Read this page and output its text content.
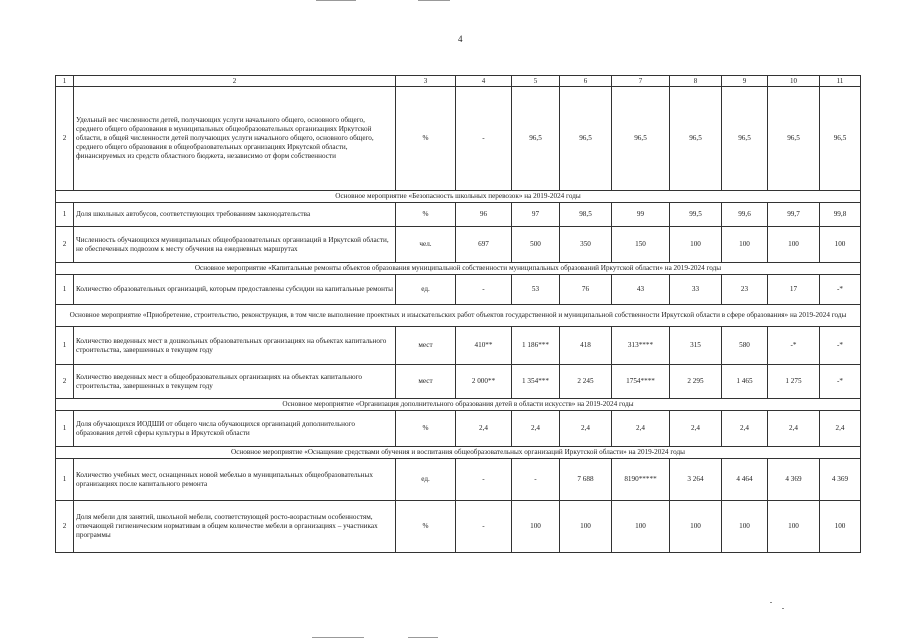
4
1	2	3	4	5	6	7	8	9	10	11
2	Удельный вес численности детей, получающих услуги начального общего, основного общего, среднего общего образования в муниципальных общеобразовательных организациях Иркутской области, в общей численности детей получающих услуги начального общего, основного общего, среднего общего образования в общеобразовательных организациях Иркутской области, финансируемых из средств областного бюджета, независимо от форм собственности	%	-	96,5	96,5	96,5	96,5	96,5	96,5	96,5
Основное мероприятие «Безопасность школьных перевозок» на 2019-2024 годы										
1	Доля школьных автобусов, соответствующих требованиям законодательства	%	96	97	98,5	99	99,5	99,6	99,7	99,8
2	Численность обучающихся муниципальных общеобразовательных организаций в Иркутской области, не обеспеченных подвозом к месту обучения на ежедневных маршрутах	чел.	697	500	350	150	100	100	100	100
Основное мероприятие «Капитальные ремонты объектов образования муниципальной собственности муниципальных образований Иркутской области» на 2019-2024 годы										
1	Количество образовательных организаций, которым предоставлены субсидии на капитальные ремонты	ед.	-	53	76	43	33	23	17	-*
Основное мероприятие «Приобретение, строительство, реконструкция, в том числе выполнение проектных и изыскательских работ объектов государственной и муниципальной собственности Иркутской области в сфере образования» на 2019-2024 годы										
1	Количество введенных мест в дошкольных образовательных организациях на объектах капитального строительства, завершенных в текущем году	мест	410**	1 186***	418	313****	315	580	-*	-*
2	Количество введенных мест в общеобразовательных организациях на объектах капитального строительства, завершенных в текущем году	мест	2 000**	1 354***	2 245	1754****	2 295	1 465	1 275	-*
Основное мероприятие «Организация дополнительного образования детей в области искусств» на 2019-2024 годы										
1	Доля обучающихся ИОДШИ от общего числа обучающихся организаций дополнительного образования детей сферы культуры в Иркутской области	%	2,4	2,4	2,4	2,4	2,4	2,4	2,4	2,4
Основное мероприятие «Оснащение средствами обучения и воспитания общеобразовательных организаций Иркутской области» на 2019-2024 годы										
1	Количество учебных мест, оснащенных новой мебелью в муниципальных общеобразовательных организациях после капитального ремонта	ед.	-	-	7 688	8190*****	3 264	4 464	4 369	4 369
2	Доля мебели для занятий, школьной мебели, соответствующей росто-возрастным особенностям, отвечающей гигиеническим нормативам в общем количестве мебели в организациях – участниках программы	%	-	100	100	100	100	100	100	100
